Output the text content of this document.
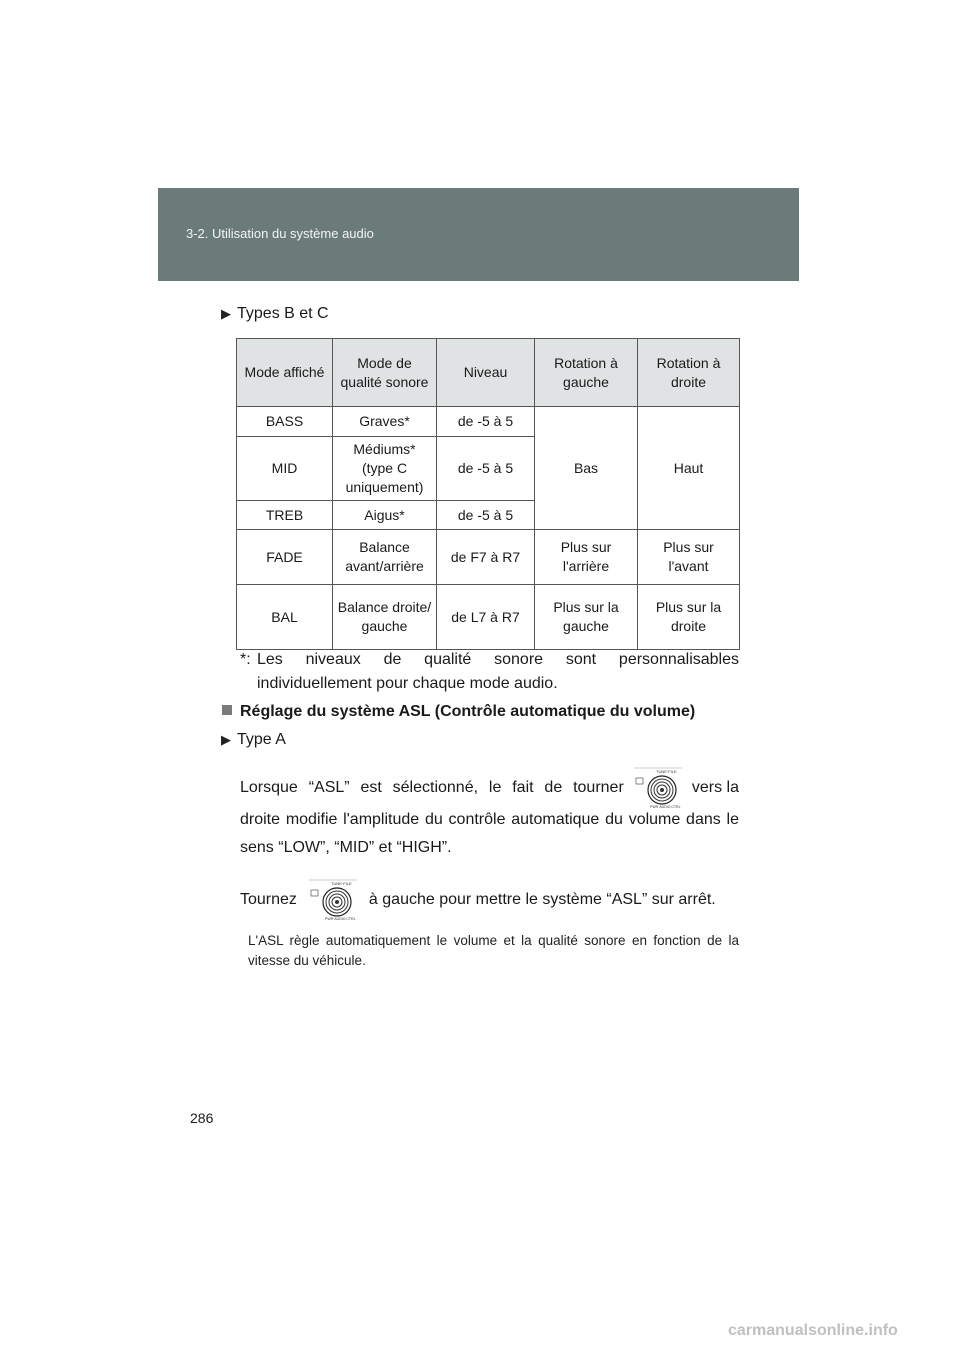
3-2. Utilisation du système audio
▶ Types B et C
Mode affiché	Mode de qualité sonore	Niveau	Rotation à gauche	Rotation à droite
BASS	Graves*	de -5 à 5	Bas	Haut
MID	Médiums* (type C uniquement)	de -5 à 5		
TREB	Aigus*	de -5 à 5		
FADE	Balance avant/arrière	de F7 à R7	Plus sur l'arrière	Plus sur l'avant
BAL	Balance droite/ gauche	de L7 à R7	Plus sur la gauche	Plus sur la droite
*: Les niveaux de qualité sonore sont personnalisables individuellement pour chaque mode audio.
Réglage du système ASL (Contrôle automatique du volume)
▶ Type A
Lorsque “ASL” est sélectionné, le fait de tourner
TUNE·FILE
PWR·AUDIO CTRL
vers la
droite modifie l'amplitude du contrôle automatique du volume dans le sens “LOW”, “MID” et “HIGH”.
Tournez
TUNE·FILE
PWR·AUDIO CTRL
à gauche pour mettre le système “ASL” sur arrêt.
L'ASL règle automatiquement le volume et la qualité sonore en fonction de la vitesse du véhicule.
286
carmanualsonline.info
